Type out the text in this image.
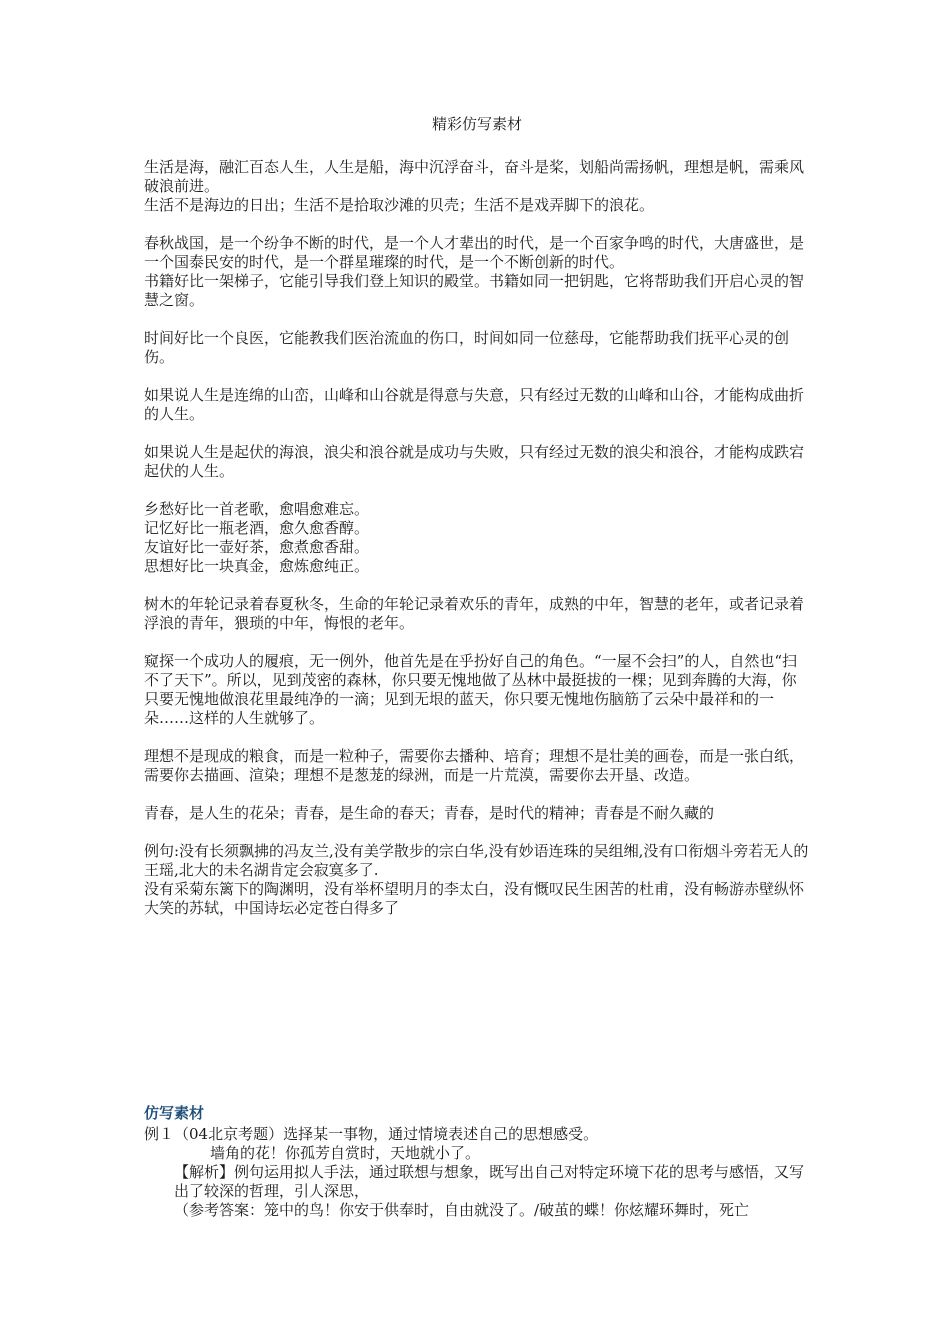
精彩仿写素材

生活是海，融汇百态人生，人生是船，海中沉浮奋斗，奋斗是桨，划船尚需扬帆，理想是帆，需乘风破浪前进。

生活不是海边的日出；生活不是拾取沙滩的贝壳；生活不是戏弄脚下的浪花。

春秋战国，是一个纷争不断的时代，是一个人才辈出的时代，是一个百家争鸣的时代，大唐盛世，是一个国泰民安的时代，是一个群星璀璨的时代，是一个不断创新的时代。

书籍好比一架梯子，它能引导我们登上知识的殿堂。书籍如同一把钥匙，它将帮助我们开启心灵的智慧之窗。

时间好比一个良医，它能教我们医治流血的伤口，时间如同一位慈母，它能帮助我们抚平心灵的创伤。

如果说人生是连绵的山峦，山峰和山谷就是得意与失意，只有经过无数的山峰和山谷，才能构成曲折的人生。

如果说人生是起伏的海浪，浪尖和浪谷就是成功与失败，只有经过无数的浪尖和浪谷，才能构成跌宕起伏的人生。

乡愁好比一首老歌，愈唱愈难忘。

记忆好比一瓶老酒，愈久愈香醇。

友谊好比一壶好茶，愈煮愈香甜。

思想好比一块真金，愈炼愈纯正。

树木的年轮记录着春夏秋冬，生命的年轮记录着欢乐的青年，成熟的中年，智慧的老年，或者记录着浮浪的青年，猥琐的中年，悔恨的老年。

窥探一个成功人的履痕，无一例外，他首先是在乎扮好自己的角色。“一屋不会扫”的人，自然也“扫不了天下”。所以，见到茂密的森林，你只要无愧地做了丛林中最挺拔的一棵；见到奔腾的大海，你只要无愧地做浪花里最纯净的一滴；见到无垠的蓝天，你只要无愧地伤脑筋了云朵中最祥和的一朵……这样的人生就够了。

理想不是现成的粮食，而是一粒种子，需要你去播种、培育；理想不是壮美的画卷，而是一张白纸，需要你去描画、渲染；理想不是葱茏的绿洲，而是一片荒漠，需要你去开垦、改造。

青春，是人生的花朵；青春，是生命的春天；青春，是时代的精神；青春是不耐久藏的

例句:没有长须飘拂的冯友兰,没有美学散步的宗白华,没有妙语连珠的吴组缃,没有口衔烟斗旁若无人的王瑶,北大的未名湖肯定会寂寞多了.

没有采菊东篱下的陶渊明，没有举杯望明月的李太白，没有慨叹民生困苦的杜甫，没有畅游赤壁纵怀大笑的苏轼，中国诗坛必定苍白得多了

仿写素材

例１（04北京考题）选择某一事物，通过情境表述自己的思想感受。

墙角的花！你孤芳自赏时，天地就小了。

【解析】例句运用拟人手法，通过联想与想象，既写出自己对特定环境下花的思考与感悟，又写出了较深的哲理，引人深思，

（参考答案：笼中的鸟！你安于供奉时，自由就没了。/破茧的蝶！你炫耀环舞时，死亡
